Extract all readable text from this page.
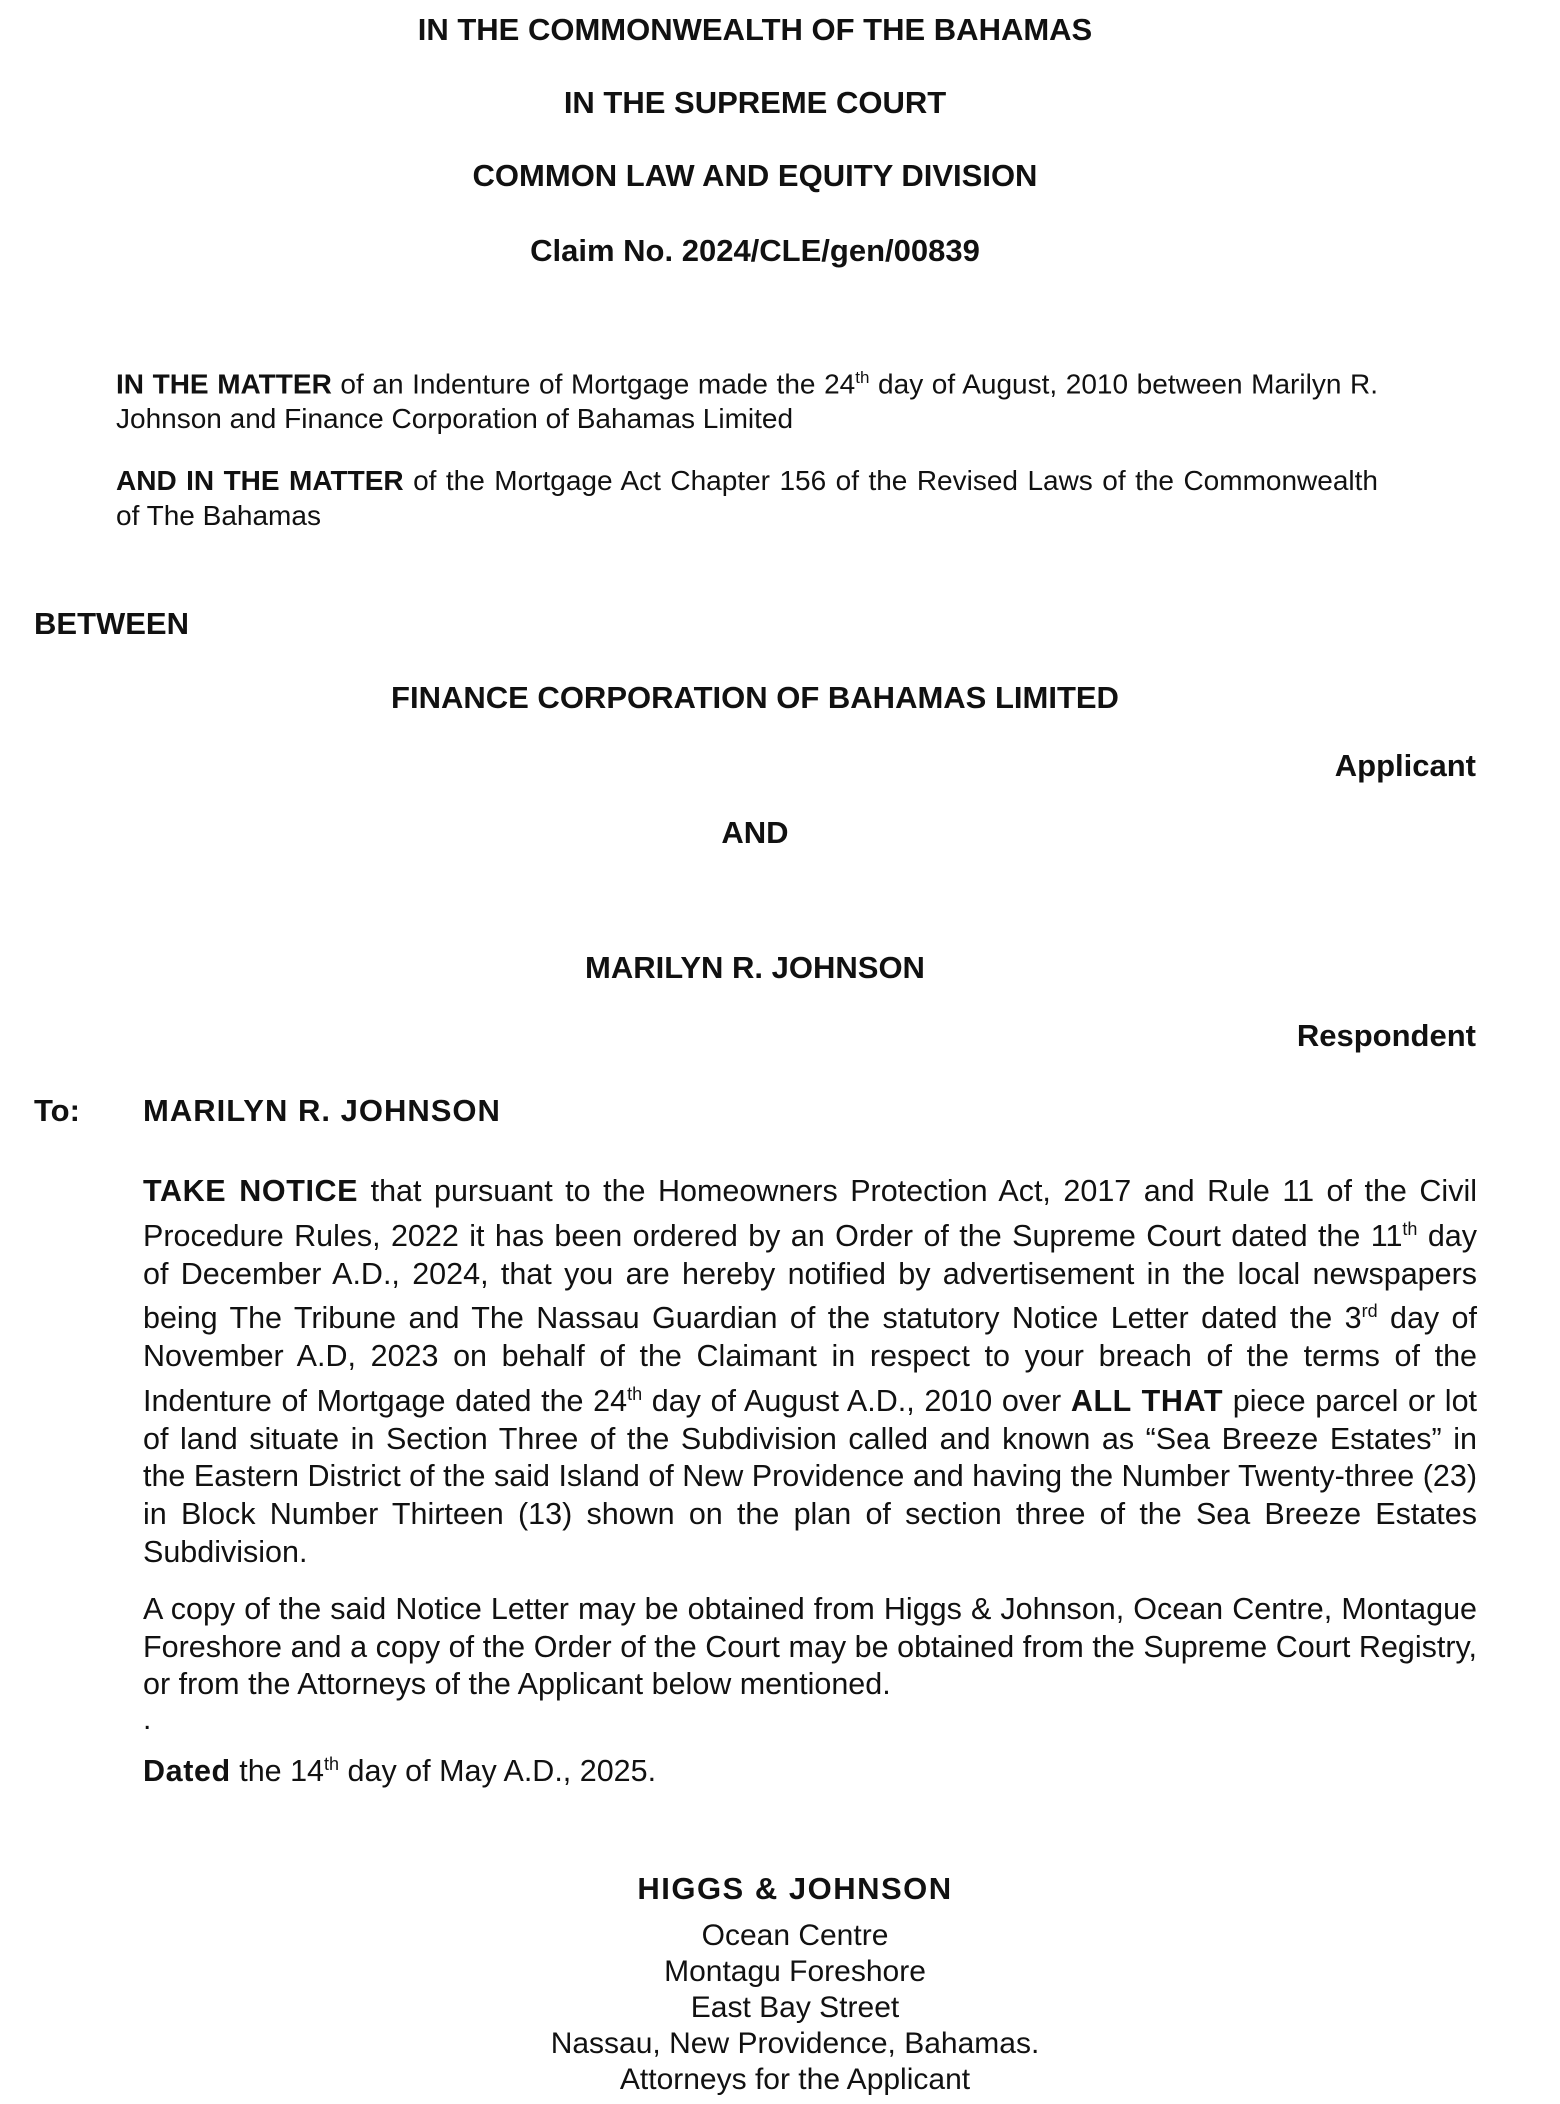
IN THE COMMONWEALTH OF THE BAHAMAS
IN THE SUPREME COURT
COMMON LAW AND EQUITY DIVISION
Claim No. 2024/CLE/gen/00839
IN THE MATTER of an Indenture of Mortgage made the 24th day of August, 2010 between Marilyn R. Johnson and Finance Corporation of Bahamas Limited
AND IN THE MATTER of the Mortgage Act Chapter 156 of the Revised Laws of the Commonwealth of The Bahamas
BETWEEN
FINANCE CORPORATION OF BAHAMAS LIMITED
Applicant
AND
MARILYN R. JOHNSON
Respondent
To: MARILYN R. JOHNSON
TAKE NOTICE that pursuant to the Homeowners Protection Act, 2017 and Rule 11 of the Civil Procedure Rules, 2022 it has been ordered by an Order of the Supreme Court dated the 11th day of December A.D., 2024, that you are hereby notified by advertisement in the local newspapers being The Tribune and The Nassau Guardian of the statutory Notice Letter dated the 3rd day of November A.D, 2023 on behalf of the Claimant in respect to your breach of the terms of the Indenture of Mortgage dated the 24th day of August A.D., 2010 over ALL THAT piece parcel or lot of land situate in Section Three of the Subdivision called and known as “Sea Breeze Estates” in the Eastern District of the said Island of New Providence and having the Number Twenty-three (23) in Block Number Thirteen (13) shown on the plan of section three of the Sea Breeze Estates Subdivision.
A copy of the said Notice Letter may be obtained from Higgs & Johnson, Ocean Centre, Montague Foreshore and a copy of the Order of the Court may be obtained from the Supreme Court Registry, or from the Attorneys of the Applicant below mentioned.
.
Dated the 14th day of May A.D., 2025.
HIGGS & JOHNSON
Ocean Centre
Montagu Foreshore
East Bay Street
Nassau, New Providence, Bahamas.
Attorneys for the Applicant
